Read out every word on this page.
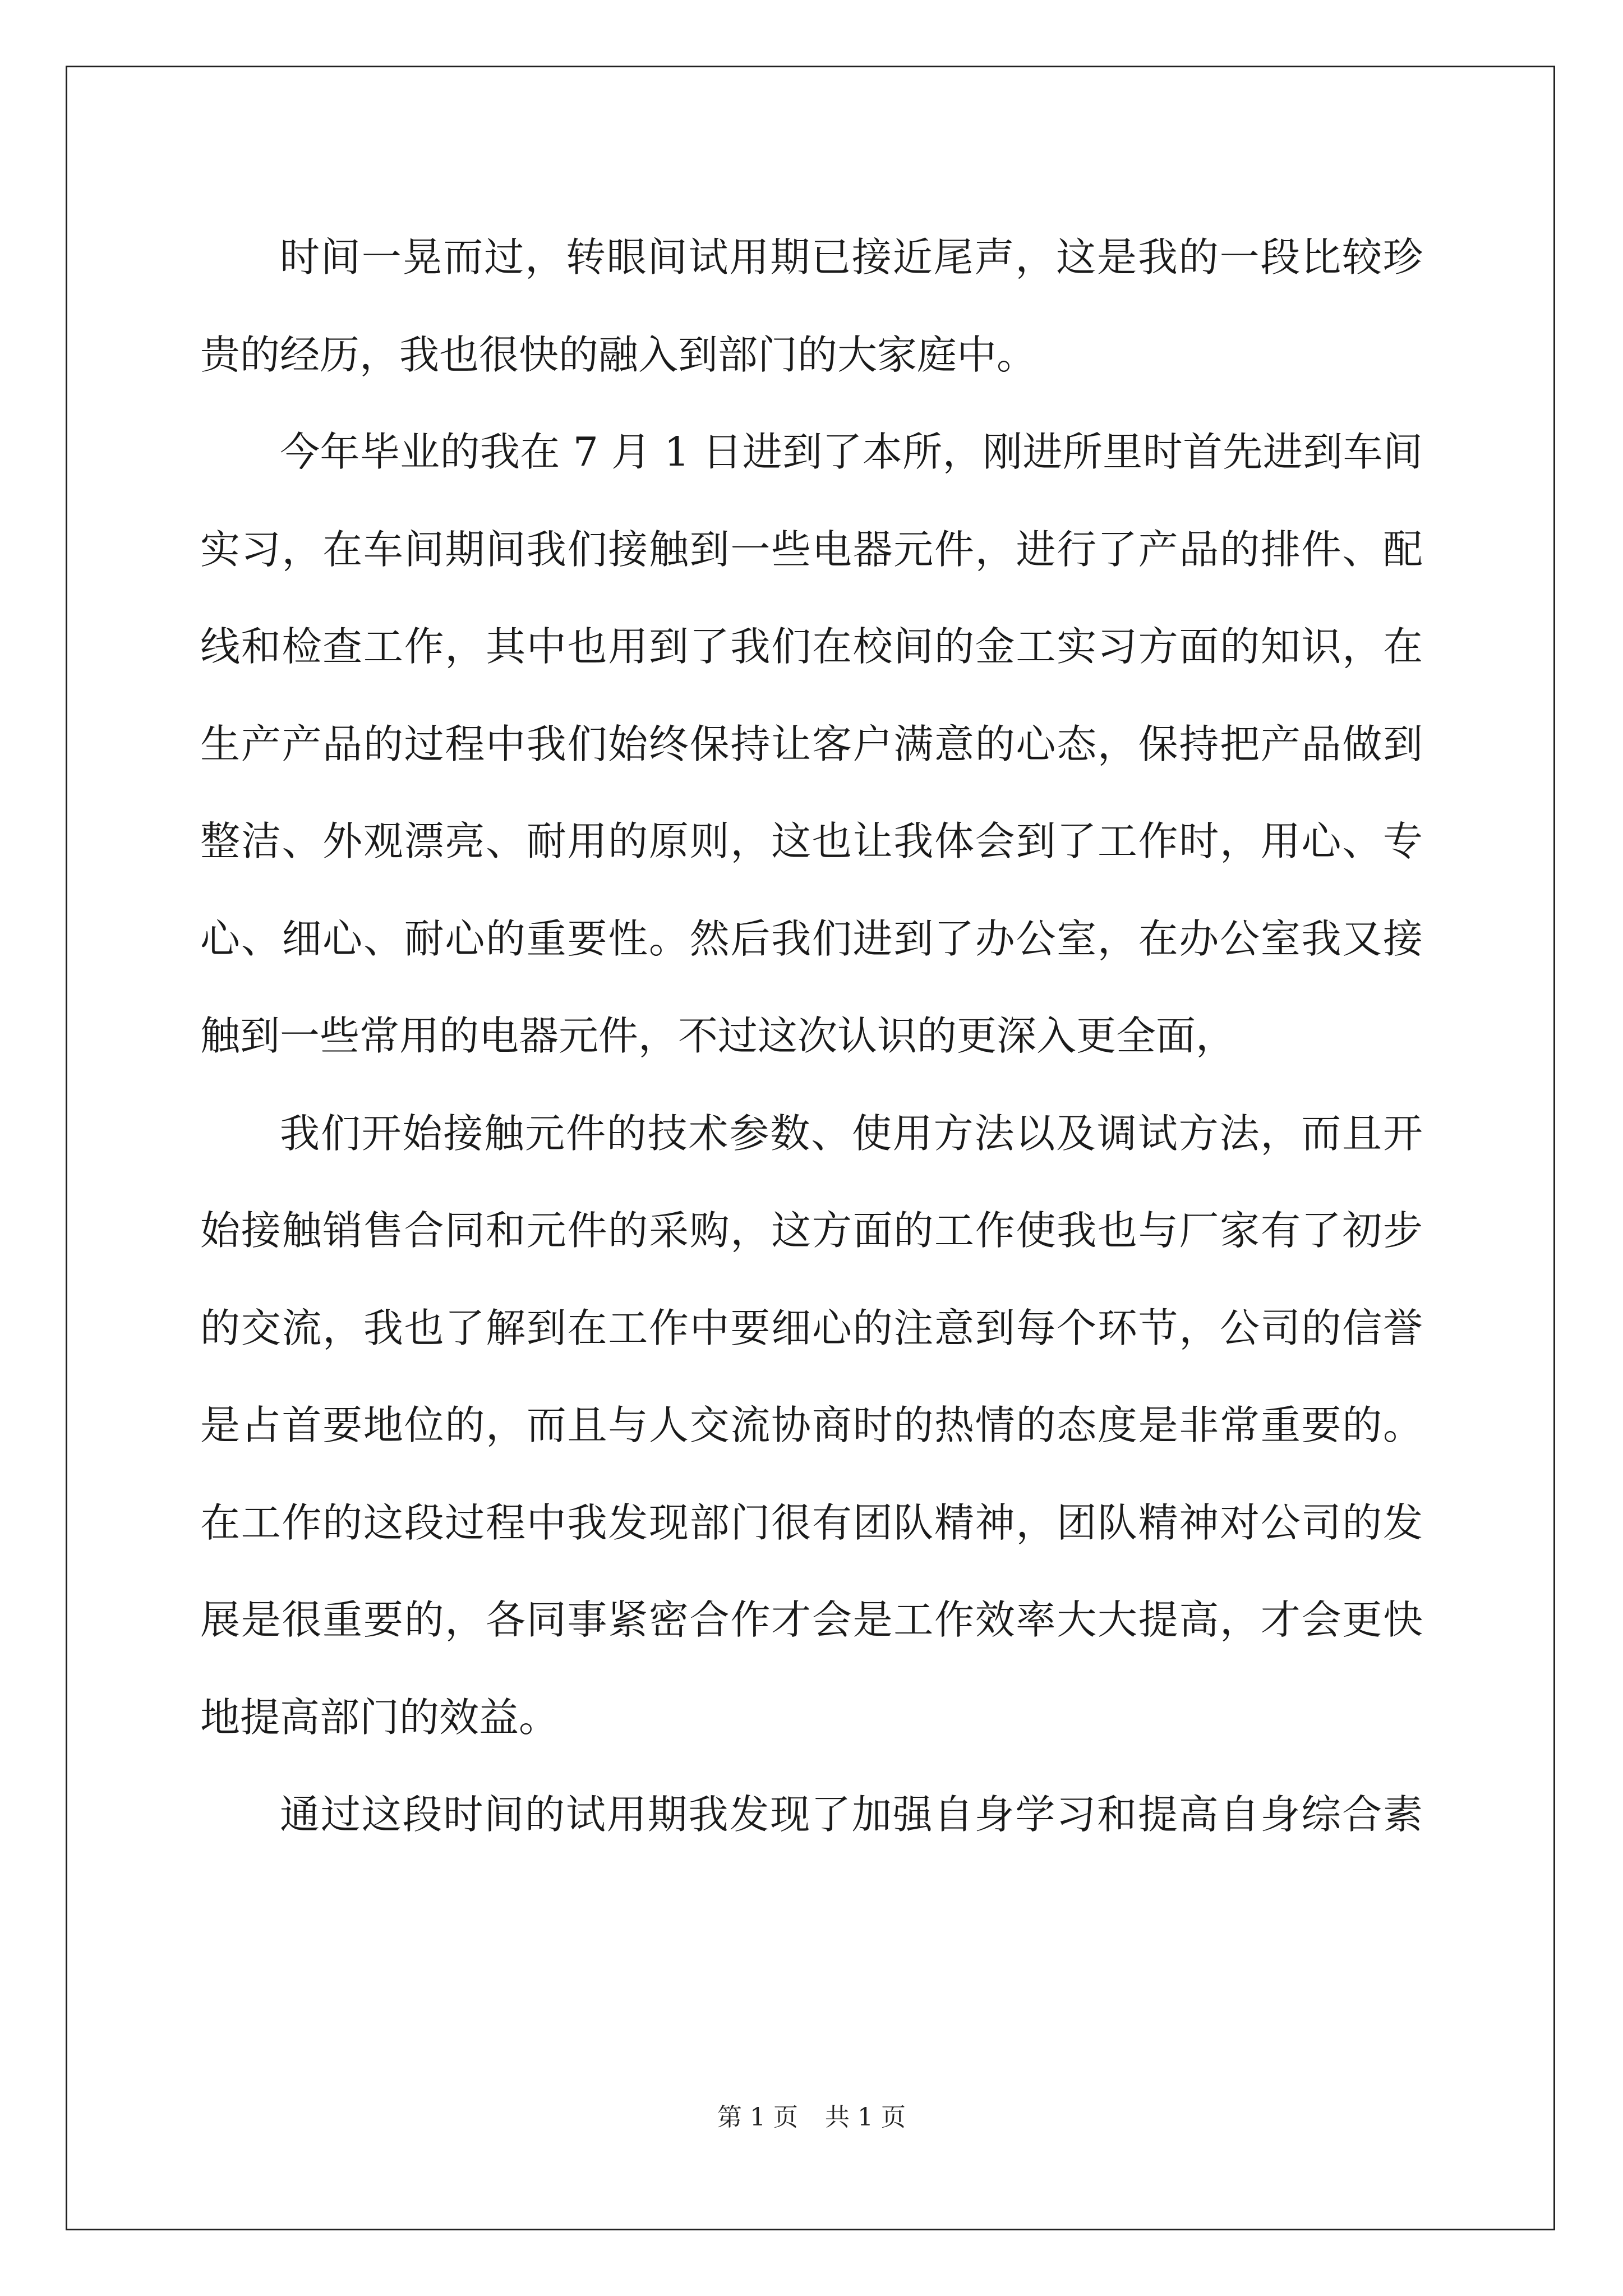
时间一晃而过，转眼间试用期已接近尾声，这是我的一段比较珍
贵的经历，我也很快的融入到部门的大家庭中。
今年毕业的我在 7 月 1 日进到了本所，刚进所里时首先进到车间
实习，在车间期间我们接触到一些电器元件，进行了产品的排件、配
线和检查工作，其中也用到了我们在校间的金工实习方面的知识，在
生产产品的过程中我们始终保持让客户满意的心态，保持把产品做到
整洁、外观漂亮、耐用的原则，这也让我体会到了工作时，用心、专
心、细心、耐心的重要性。然后我们进到了办公室，在办公室我又接
触到一些常用的电器元件，不过这次认识的更深入更全面，
我们开始接触元件的技术参数、使用方法以及调试方法，而且开
始接触销售合同和元件的采购，这方面的工作使我也与厂家有了初步
的交流，我也了解到在工作中要细心的注意到每个环节，公司的信誉
是占首要地位的，而且与人交流协商时的热情的态度是非常重要的。
在工作的这段过程中我发现部门很有团队精神，团队精神对公司的发
展是很重要的，各同事紧密合作才会是工作效率大大提高，才会更快
地提高部门的效益。
通过这段时间的试用期我发现了加强自身学习和提高自身综合素
第 1 页 共 1 页
